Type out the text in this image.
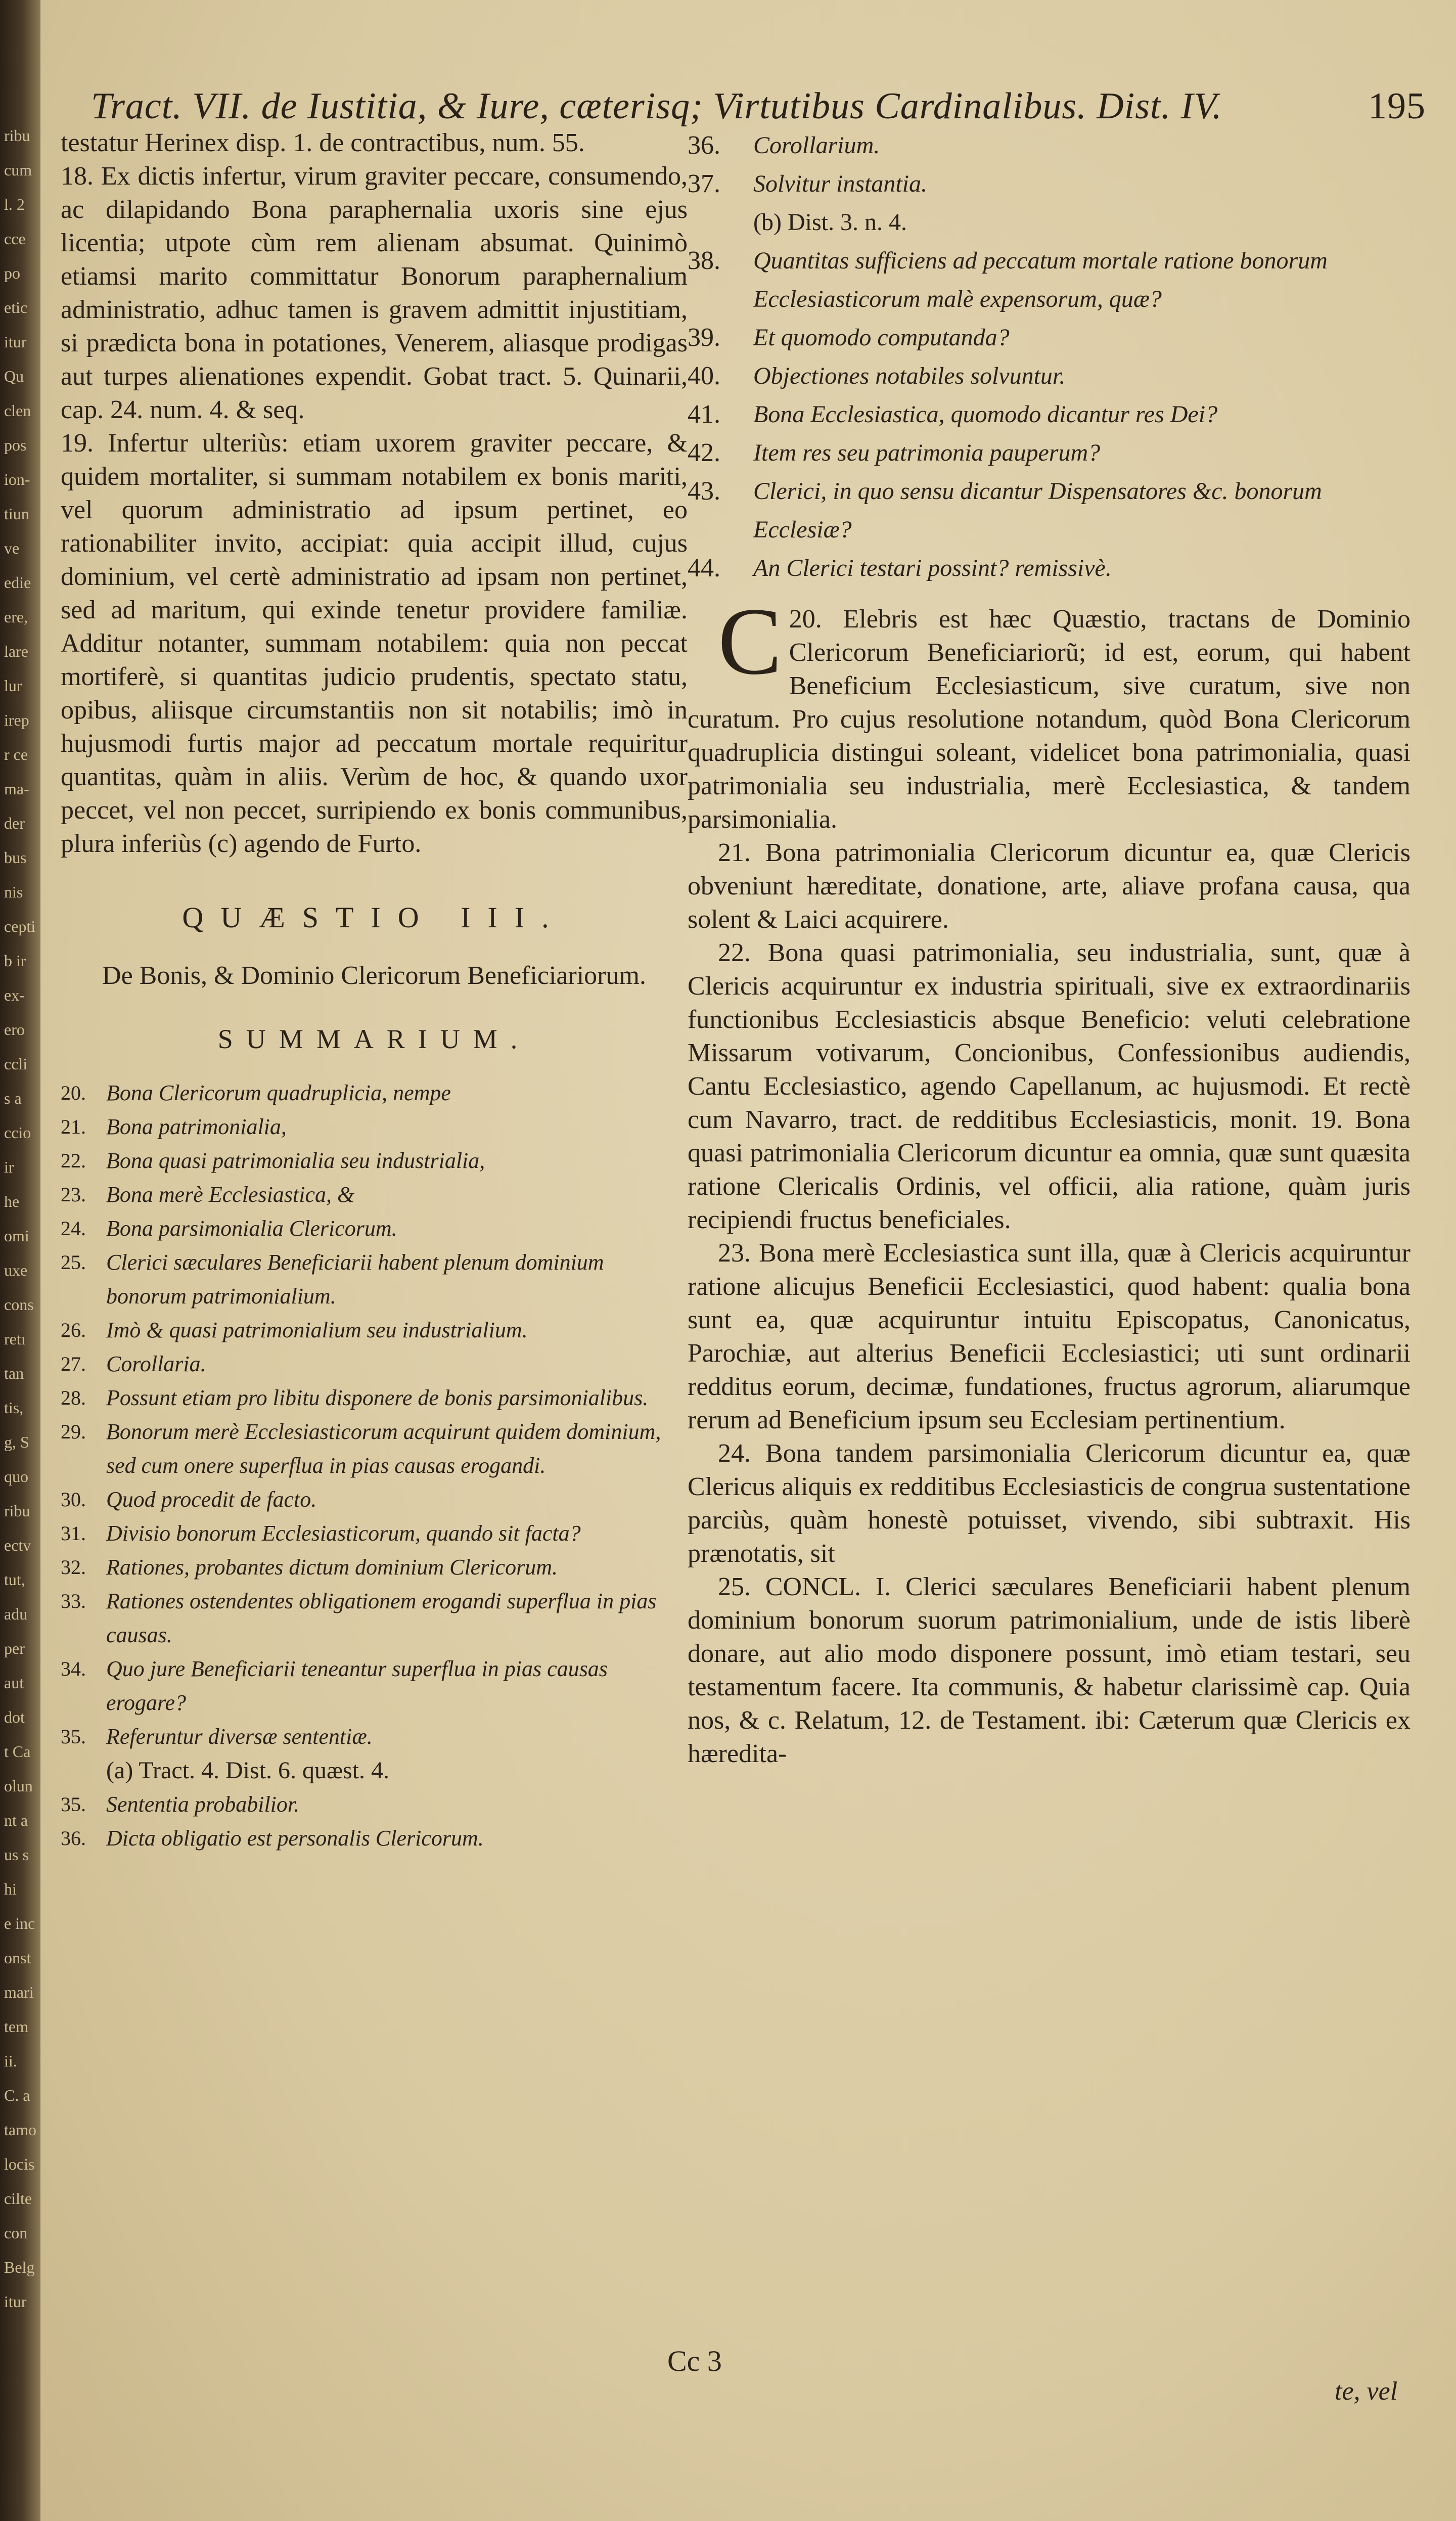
ribu
cum
l. 2
cce
po
etic
itur
Qu
clen
pos
ion-
tiun
ve
edie
ere,
lare
lur
irep
r ce
ma-
der
bus
nis
cepti
b ir
ex-
ero
ccli
s a
ccio
ir
he
omi
uxe
cons
retı
tan
tis,
g, S
quo
ribu
ectv
tut,
adu
per
aut
dot
t Ca
olun
nt a
us s
hi
e inc
onst
mari
tem
ii.
C. a
tamo
locis
cilte
con
Belg
itur
Tract. VII. de Iustitia, & Iure, cæterisq; Virtutibus Cardinalibus. Dist. IV.	195

testatur Herinex disp. 1. de contractibus, num. 55.

18. Ex dictis infertur, virum graviter peccare, consumendo, ac dilapidando Bona paraphernalia uxoris sine ejus licentia; utpote cùm rem alienam absumat. Quinimò etiamsi marito committatur Bonorum paraphernalium administratio, adhuc tamen is gravem admittit injustitiam, si prædicta bona in potationes, Venerem, aliasque prodigas aut turpes alienationes expendit. Gobat tract. 5. Quinarii, cap. 24. num. 4. & seq.

19. Infertur ulteriùs: etiam uxorem graviter peccare, & quidem mortaliter, si summam notabilem ex bonis mariti, vel quorum administratio ad ipsum pertinet, eo rationabiliter invito, accipiat: quia accipit illud, cujus dominium, vel certè administratio ad ipsam non pertinet, sed ad maritum, qui exinde tenetur providere familiæ. Additur notanter, summam notabilem: quia non peccat mortiferè, si quantitas judicio prudentis, spectato statu, opibus, aliisque circumstantiis non sit notabilis; imò in hujusmodi furtis major ad peccatum mortale requiritur quantitas, quàm in aliis. Verùm de hoc, & quando uxor peccet, vel non peccet, surripiendo ex bonis communibus, plura inferiùs (c) agendo de Furto.

QUÆSTIO III.
De Bonis, & Dominio Clericorum Beneficiariorum.
SUMMARIUM.
20. Bona Clericorum quadruplicia, nempe
21. Bona patrimonialia,
22. Bona quasi patrimonialia seu industrialia,
23. Bona merè Ecclesiastica, &
24. Bona parsimonialia Clericorum.
25. Clerici sæculares Beneficiarii habent plenum dominium bonorum patrimonialium.
26. Imò & quasi patrimonialium seu industrialium.
27. Corollaria.
28. Possunt etiam pro libitu disponere de bonis parsimonialibus.
29. Bonorum merè Ecclesiasticorum acquirunt quidem dominium, sed cum onere superflua in pias causas erogandi.
30. Quod procedit de facto.
31. Divisio bonorum Ecclesiasticorum, quando sit facta?
32. Rationes, probantes dictum dominium Clericorum.
33. Rationes ostendentes obligationem erogandi superflua in pias causas.
34. Quo jure Beneficiarii teneantur superflua in pias causas erogare?
35. Referuntur diversæ sententiæ.
(a) Tract. 4. Dist. 6. quæst. 4.
35. Sententia probabilior.
36. Dicta obligatio est personalis Clericorum.
36. Corollarium.
37. Solvitur instantia.
(b) Dist. 3. n. 4.
38. Quantitas sufficiens ad peccatum mortale ratione bonorum Ecclesiasticorum malè expensorum, quæ?
39. Et quomodo computanda?
40. Objectiones notabiles solvuntur.
41. Bona Ecclesiastica, quomodo dicantur res Dei?
42. Item res seu patrimonia pauperum?
43. Clerici, in quo sensu dicantur Dispensatores &c. bonorum Ecclesiæ?
44. An Clerici testari possint? remissivè.

20.
C Elebris est hæc Quæstio, tractans de Dominio Clericorum Beneficiariorũ; id est, eorum, qui habent Beneficium Ecclesiasticum, sive curatum, sive non curatum. Pro cujus resolutione notandum, quòd Bona Clericorum quadruplicia distingui soleant, videlicet bona patrimonialia, quasi patrimonialia seu industrialia, merè Ecclesiastica, & tandem parsimonialia.

21. Bona patrimonialia Clericorum dicuntur ea, quæ Clericis obveniunt hæreditate, donatione, arte, aliave profana causa, qua solent & Laici acquirere.

22. Bona quasi patrimonialia, seu industrialia, sunt, quæ à Clericis acquiruntur ex industria spirituali, sive ex extraordinariis functionibus Ecclesiasticis absque Beneficio: veluti celebratione Missarum votivarum, Concionibus, Confessionibus audiendis, Cantu Ecclesiastico, agendo Capellanum, ac hujusmodi. Et rectè cum Navarro, tract. de redditibus Ecclesiasticis, monit. 19. Bona quasi patrimonialia Clericorum dicuntur ea omnia, quæ sunt quæsita ratione Clericalis Ordinis, vel officii, alia ratione, quàm juris recipiendi fructus beneficiales.

23. Bona merè Ecclesiastica sunt illa, quæ à Clericis acquiruntur ratione alicujus Beneficii Ecclesiastici, quod habent: qualia bona sunt ea, quæ acquiruntur intuitu Episcopatus, Canonicatus, Parochiæ, aut alterius Beneficii Ecclesiastici; uti sunt ordinarii redditus eorum, decimæ, fundationes, fructus agrorum, aliarumque rerum ad Beneficium ipsum seu Ecclesiam pertinentium.

24. Bona tandem parsimonialia Clericorum dicuntur ea, quæ Clericus aliquis ex redditibus Ecclesiasticis de congrua sustentatione parciùs, quàm honestè potuisset, vivendo, sibi subtraxit. His prænotatis, sit

25. CONCL. I. Clerici sæculares Beneficiarii habent plenum dominium bonorum suorum patrimonialium, unde de istis liberè donare, aut alio modo disponere possunt, imò etiam testari, seu testamentum facere. Ita communis, & habetur clarissimè cap. Quia nos, & c. Relatum, 12. de Testament. ibi: Cæterum quæ Clericis ex hæredita-

Cc 3
te, vel
